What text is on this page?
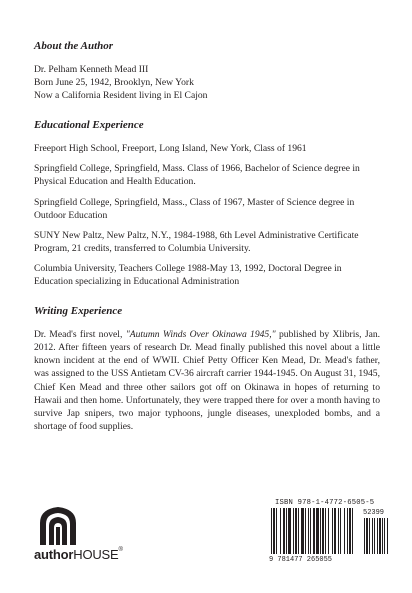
About the Author

Dr. Pelham Kenneth Mead III

Born June 25, 1942, Brooklyn, New York

Now a California Resident living in El Cajon

Educational Experience

Freeport High School, Freeport, Long Island, New York, Class of 1961

Springfield College, Springfield, Mass. Class of 1966, Bachelor of Science degree in Physical Education and Health Education.

Springfield College, Springfield, Mass., Class of 1967, Master of Science degree in Outdoor Education

SUNY New Paltz, New Paltz, N.Y., 1984-1988, 6th Level Administrative Certificate Program, 21 credits, transferred to Columbia University.

Columbia University, Teachers College 1988-May 13, 1992, Doctoral Degree in Education specializing in Educational Administration

Writing Experience

Dr. Mead's first novel, "Autumn Winds Over Okinawa 1945," published by Xlibris, Jan. 2012. After fifteen years of research Dr. Mead finally published this novel about a little known incident at the end of WWII. Chief Petty Officer Ken Mead, Dr. Mead's father, was assigned to the USS Antietam CV-36 aircraft carrier 1944-1945. On August 31, 1945, Chief Ken Mead and three other sailors got off on Okinawa in hopes of returning to Hawaii and then home. Unfortunately, they were trapped there for over a month having to survive Jap snipers, two major typhoons, jungle diseases, unexploded bombs, and a shortage of food supplies.

authorHOUSE®
ISBN 978-1-4772-6505-5
9 781477 265055
52399
